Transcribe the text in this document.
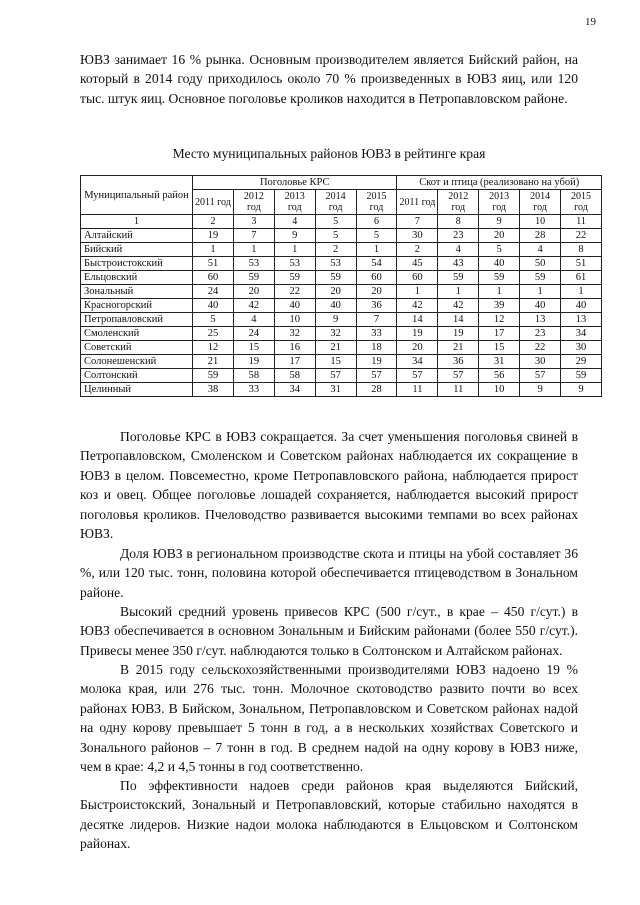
19

ЮВЗ занимает 16 % рынка. Основным производителем является Бийский район, на который в 2014 году приходилось около 70 % произведенных в ЮВЗ яиц, или 120 тыс. штук яиц. Основное поголовье кроликов находится в Петропавловском районе.

Место муниципальных районов ЮВЗ в рейтинге края

Муниципальный район	Поголовье КРС					Скот и птица (реализовано на убой)				
	2011 год	2012 год	2013 год	2014 год	2015 год	2011 год	2012 год	2013 год	2014 год	2015 год
1	2	3	4	5	6	7	8	9	10	11
Алтайский	19	7	9	5	5	30	23	20	28	22
Бийский	1	1	1	2	1	2	4	5	4	8
Быстроистокский	51	53	53	53	54	45	43	40	50	51
Ельцовский	60	59	59	59	60	60	59	59	59	61
Зональный	24	20	22	20	20	1	1	1	1	1
Красногорский	40	42	40	40	36	42	42	39	40	40
Петропавловский	5	4	10	9	7	14	14	12	13	13
Смоленский	25	24	32	32	33	19	19	17	23	34
Советский	12	15	16	21	18	20	21	15	22	30
Солонешенский	21	19	17	15	19	34	36	31	30	29
Солтонский	59	58	58	57	57	57	57	56	57	59
Целинный	38	33	34	31	28	11	11	10	9	9

Поголовье КРС в ЮВЗ сокращается. За счет уменьшения поголовья свиней в Петропавловском, Смоленском и Советском районах наблюдается их сокращение в ЮВЗ в целом. Повсеместно, кроме Петропавловского района, наблюдается прирост коз и овец. Общее поголовье лошадей сохраняется, наблюдается высокий прирост поголовья кроликов. Пчеловодство развивается высокими темпами во всех районах ЮВЗ.

Доля ЮВЗ в региональном производстве скота и птицы на убой составляет 36 %, или 120 тыс. тонн, половина которой обеспечивается птицеводством в Зональном районе.

Высокий средний уровень привесов КРС (500 г/сут., в крае – 450 г/сут.) в ЮВЗ обеспечивается в основном Зональным и Бийским районами (более 550 г/сут.). Привесы менее 350 г/сут. наблюдаются только в Солтонском и Алтайском районах.

В 2015 году сельскохозяйственными производителями ЮВЗ надоено 19 % молока края, или 276 тыс. тонн. Молочное скотоводство развито почти во всех районах ЮВЗ. В Бийском, Зональном, Петропавловском и Советском районах надой на одну корову превышает 5 тонн в год, а в нескольких хозяйствах Советского и Зонального районов – 7 тонн в год. В среднем надой на одну корову в ЮВЗ ниже, чем в крае: 4,2 и 4,5 тонны в год соответственно.

По эффективности надоев среди районов края выделяются Бийский, Быстроистокский, Зональный и Петропавловский, которые стабильно находятся в десятке лидеров. Низкие надои молока наблюдаются в Ельцовском и Солтонском районах.
